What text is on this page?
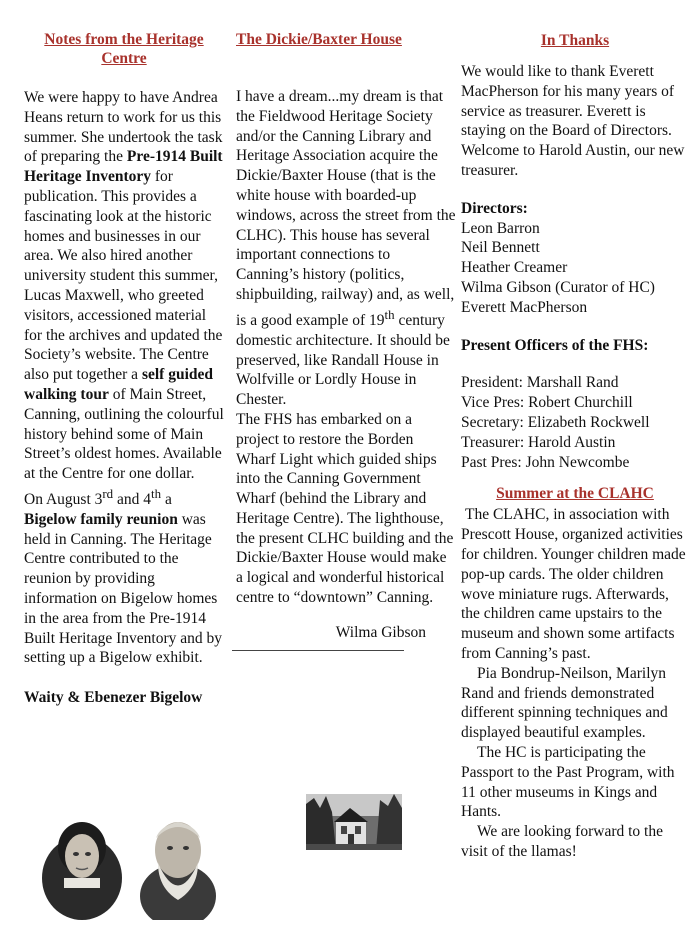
Notes from the Heritage
Centre

We were happy to have Andrea Heans return to work for us this summer. She undertook the task of preparing the Pre-1914 Built Heritage Inventory for publication. This provides a fascinating look at the historic homes and businesses in our area. We also hired another university student this summer, Lucas Maxwell, who greeted visitors, accessioned material for the archives and updated the Society’s website. The Centre also put together a self guided walking tour of Main Street, Canning, outlining the colourful history behind some of Main Street’s oldest homes. Available at the Centre for one dollar.

On August 3rd and 4th a Bigelow family reunion was held in Canning. The Heritage Centre contributed to the reunion by providing information on Bigelow homes in the area from the Pre-1914 Built Heritage Inventory and by setting up a Bigelow exhibit.

Waity & Ebenezer Bigelow

The Dickie/Baxter House

I have a dream...my dream is that the Fieldwood Heritage Society and/or the Canning Library and Heritage Association acquire the Dickie/Baxter House (that is the white house with boarded-up windows, across the street from the CLHC). This house has several important connections to Canning’s history (politics, shipbuilding, railway) and, as well, is a good example of 19th century domestic architecture. It should be preserved, like Randall House in Wolfville or Lordly House in Chester.

The FHS has embarked on a project to restore the Borden Wharf Light which guided ships into the Canning Government Wharf (behind the Library and Heritage Centre). The lighthouse, the present CLHC building and the Dickie/Baxter House would make a logical and wonderful historical centre to “downtown” Canning.

Wilma Gibson
In Thanks

We would like to thank Everett MacPherson for his many years of service as treasurer. Everett is staying on the Board of Directors. Welcome to Harold Austin, our new treasurer.

Directors:

Leon Barron

Neil Bennett

Heather Creamer

Wilma Gibson (Curator of HC)

Everett MacPherson

Present Officers of the FHS:

President: Marshall Rand

Vice Pres: Robert Churchill

Secretary: Elizabeth Rockwell

Treasurer: Harold Austin

Past Pres: John Newcombe

Summer at the CLAHC

The CLAHC, in association with Prescott House, organized activities for children. Younger children made pop-up cards. The older children wove miniature rugs. Afterwards, the children came upstairs to the museum and shown some artifacts from Canning’s past.

Pia Bondrup-Neilson, Marilyn Rand and friends demonstrated different spinning techniques and displayed beautiful examples.

The HC is participating the Passport to the Past Program, with 11 other museums in Kings and Hants.

We are looking forward to the visit of the llamas!
